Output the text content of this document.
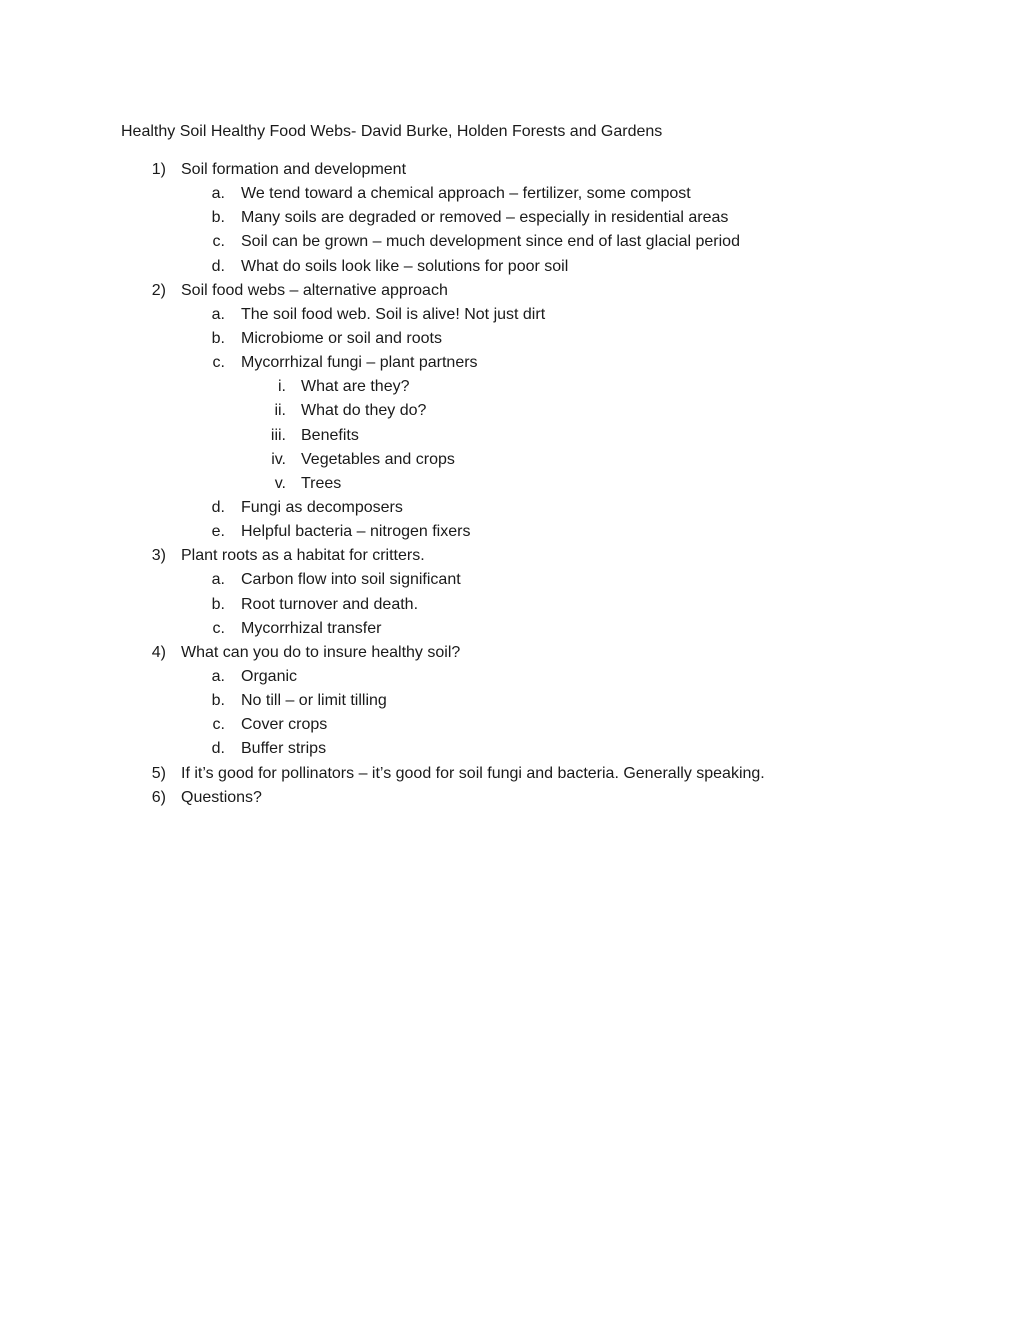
Healthy Soil Healthy Food Webs- David Burke, Holden Forests and Gardens
1) Soil formation and development
a. We tend toward a chemical approach – fertilizer, some compost
b. Many soils are degraded or removed – especially in residential areas
c. Soil can be grown – much development since end of last glacial period
d. What do soils look like – solutions for poor soil
2) Soil food webs – alternative approach
a. The soil food web. Soil is alive! Not just dirt
b. Microbiome or soil and roots
c. Mycorrhizal fungi – plant partners
i. What are they?
ii. What do they do?
iii. Benefits
iv. Vegetables and crops
v. Trees
d. Fungi as decomposers
e. Helpful bacteria – nitrogen fixers
3) Plant roots as a habitat for critters.
a. Carbon flow into soil significant
b. Root turnover and death.
c. Mycorrhizal transfer
4) What can you do to insure healthy soil?
a. Organic
b. No till – or limit tilling
c. Cover crops
d. Buffer strips
5) If it’s good for pollinators – it’s good for soil fungi and bacteria. Generally speaking.
6) Questions?
